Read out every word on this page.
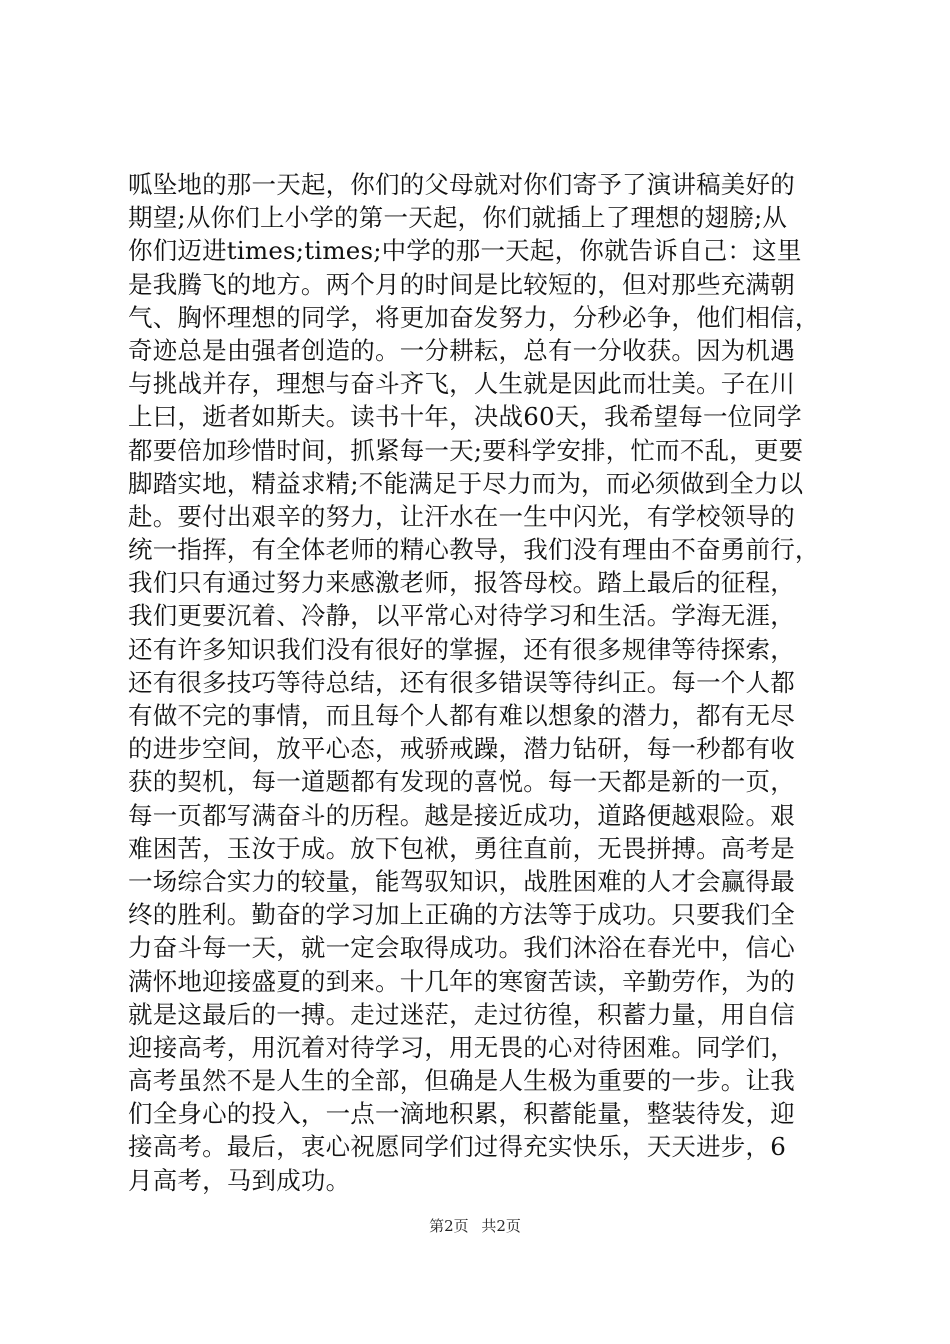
呱坠地的那一天起，你们的父母就对你们寄予了演讲稿美好的
期望;从你们上小学的第一天起，你们就插上了理想的翅膀;从
你们迈进times;times;中学的那一天起，你就告诉自己：这里
是我腾飞的地方。两个月的时间是比较短的，但对那些充满朝
气、胸怀理想的同学，将更加奋发努力，分秒必争，他们相信，
奇迹总是由强者创造的。一分耕耘，总有一分收获。因为机遇
与挑战并存，理想与奋斗齐飞，人生就是因此而壮美。子在川
上曰，逝者如斯夫。读书十年，决战60天，我希望每一位同学
都要倍加珍惜时间，抓紧每一天;要科学安排，忙而不乱，更要
脚踏实地，精益求精;不能满足于尽力而为，而必须做到全力以
赴。要付出艰辛的努力，让汗水在一生中闪光，有学校领导的
统一指挥，有全体老师的精心教导，我们没有理由不奋勇前行，
我们只有通过努力来感激老师，报答母校。踏上最后的征程，
我们更要沉着、冷静，以平常心对待学习和生活。学海无涯，
还有许多知识我们没有很好的掌握，还有很多规律等待探索，
还有很多技巧等待总结，还有很多错误等待纠正。每一个人都
有做不完的事情，而且每个人都有难以想象的潜力，都有无尽
的进步空间，放平心态，戒骄戒躁，潜力钻研，每一秒都有收
获的契机，每一道题都有发现的喜悦。每一天都是新的一页，
每一页都写满奋斗的历程。越是接近成功，道路便越艰险。艰
难困苦，玉汝于成。放下包袱，勇往直前，无畏拼搏。高考是
一场综合实力的较量，能驾驭知识，战胜困难的人才会赢得最
终的胜利。勤奋的学习加上正确的方法等于成功。只要我们全
力奋斗每一天，就一定会取得成功。我们沐浴在春光中，信心
满怀地迎接盛夏的到来。十几年的寒窗苦读，辛勤劳作，为的
就是这最后的一搏。走过迷茫，走过彷徨，积蓄力量，用自信
迎接高考，用沉着对待学习，用无畏的心对待困难。同学们，
高考虽然不是人生的全部，但确是人生极为重要的一步。让我
们全身心的投入，一点一滴地积累，积蓄能量，整装待发，迎
接高考。最后，衷心祝愿同学们过得充实快乐，天天进步，6
月高考，马到成功。
第2页 共2页
